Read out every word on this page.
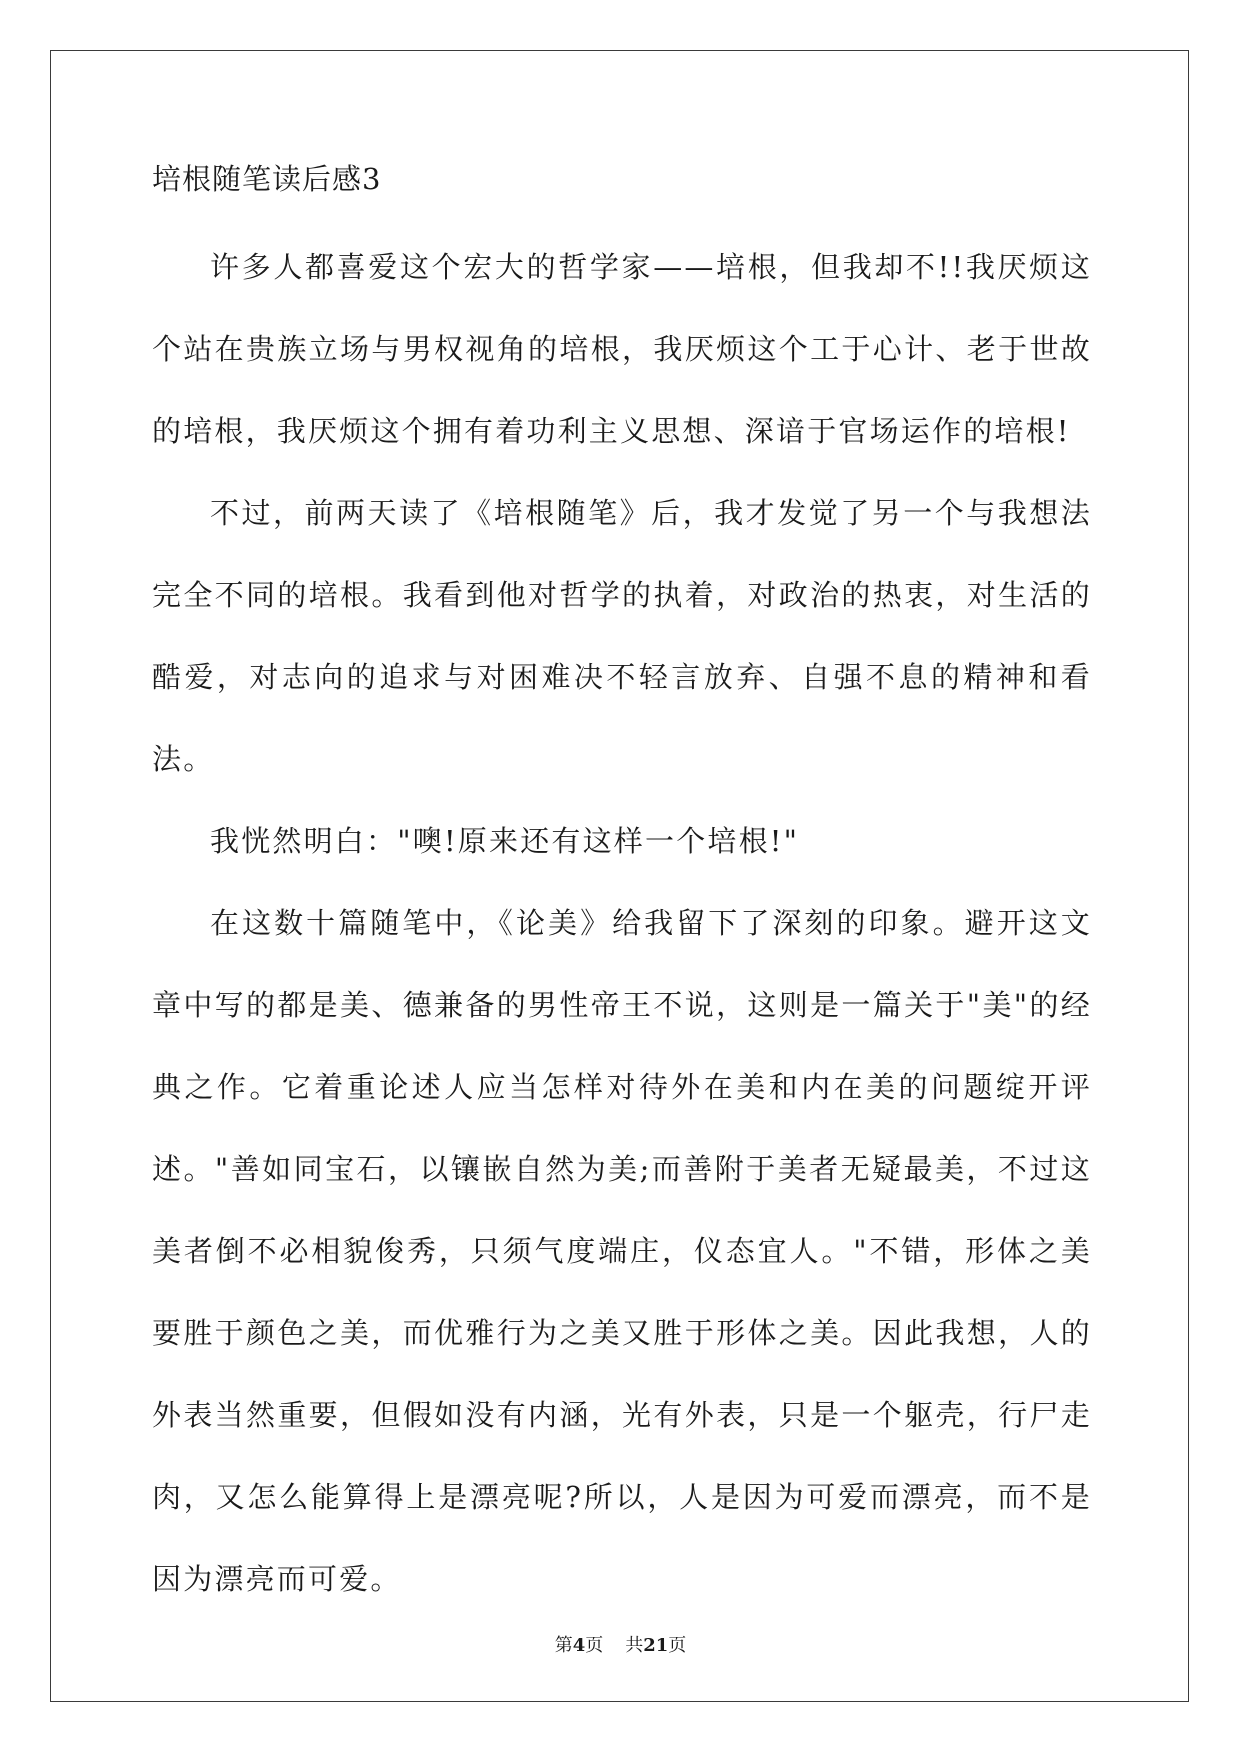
培根随笔读后感3

许多人都喜爱这个宏大的哲学家——培根，但我却不!!我厌烦这个站在贵族立场与男权视角的培根，我厌烦这个工于心计、老于世故的培根，我厌烦这个拥有着功利主义思想、深谙于官场运作的培根!

不过，前两天读了《培根随笔》后，我才发觉了另一个与我想法完全不同的培根。我看到他对哲学的执着，对政治的热衷，对生活的酷爱，对志向的追求与对困难决不轻言放弃、自强不息的精神和看法。

我恍然明白："噢!原来还有这样一个培根!"

在这数十篇随笔中，《论美》给我留下了深刻的印象。避开这文章中写的都是美、德兼备的男性帝王不说，这则是一篇关于"美"的经典之作。它着重论述人应当怎样对待外在美和内在美的问题绽开评述。"善如同宝石，以镶嵌自然为美;而善附于美者无疑最美，不过这美者倒不必相貌俊秀，只须气度端庄，仪态宜人。"不错，形体之美要胜于颜色之美，而优雅行为之美又胜于形体之美。因此我想，人的外表当然重要，但假如没有内涵，光有外表，只是一个躯壳，行尸走肉，又怎么能算得上是漂亮呢?所以，人是因为可爱而漂亮，而不是因为漂亮而可爱。

第4页 共21页
